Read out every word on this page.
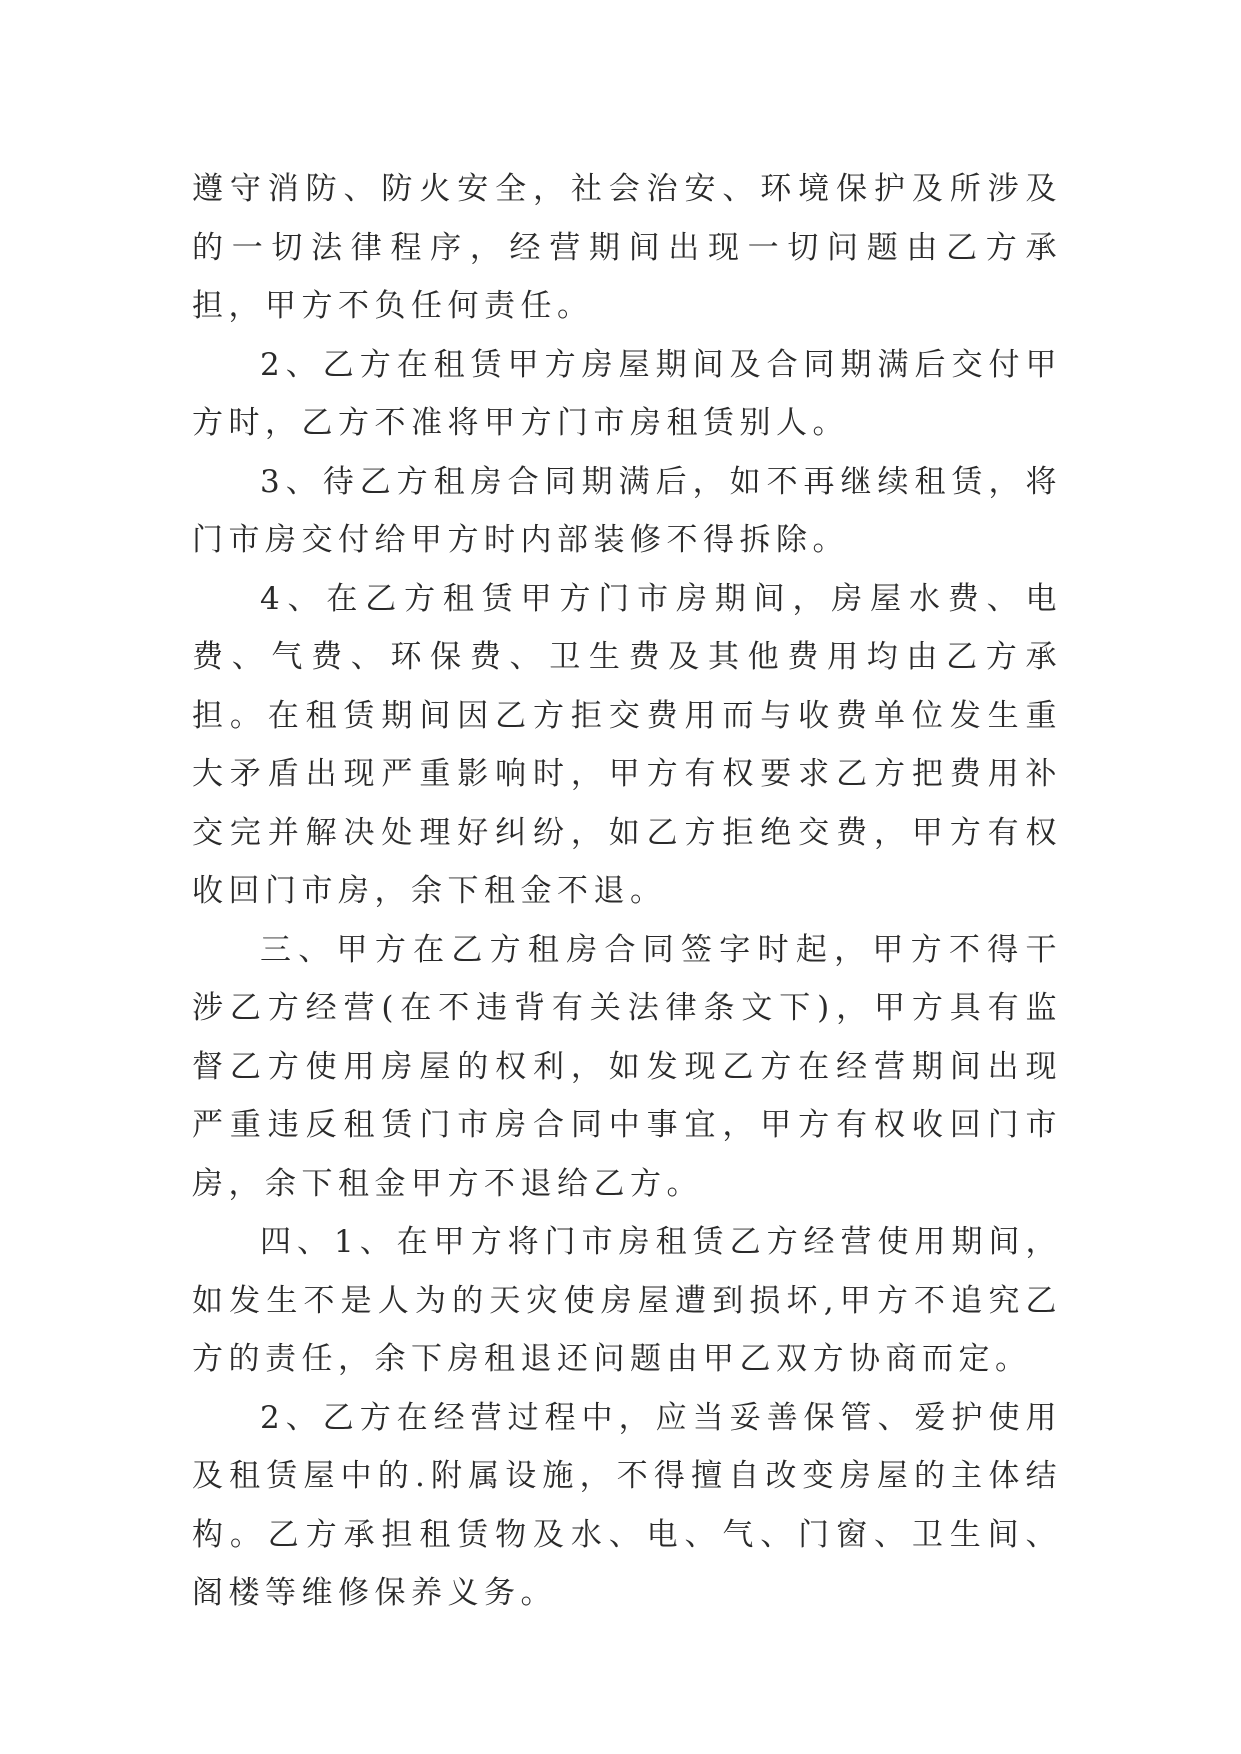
遵守消防、防火安全，社会治安、环境保护及所涉及的一切法律程序，经营期间出现一切问题由乙方承担，甲方不负任何责任。

2、乙方在租赁甲方房屋期间及合同期满后交付甲方时，乙方不准将甲方门市房租赁别人。

3、待乙方租房合同期满后，如不再继续租赁，将门市房交付给甲方时内部装修不得拆除。

4、在乙方租赁甲方门市房期间，房屋水费、电费、气费、环保费、卫生费及其他费用均由乙方承担。在租赁期间因乙方拒交费用而与收费单位发生重大矛盾出现严重影响时，甲方有权要求乙方把费用补交完并解决处理好纠纷，如乙方拒绝交费，甲方有权收回门市房，余下租金不退。

三、甲方在乙方租房合同签字时起，甲方不得干涉乙方经营(在不违背有关法律条文下)，甲方具有监督乙方使用房屋的权利，如发现乙方在经营期间出现严重违反租赁门市房合同中事宜，甲方有权收回门市房，余下租金甲方不退给乙方。

四、1、在甲方将门市房租赁乙方经营使用期间，如发生不是人为的天灾使房屋遭到损坏,甲方不追究乙方的责任，余下房租退还问题由甲乙双方协商而定。

2、乙方在经营过程中，应当妥善保管、爱护使用及租赁屋中的.附属设施，不得擅自改变房屋的主体结构。乙方承担租赁物及水、电、气、门窗、卫生间、阁楼等维修保养义务。
